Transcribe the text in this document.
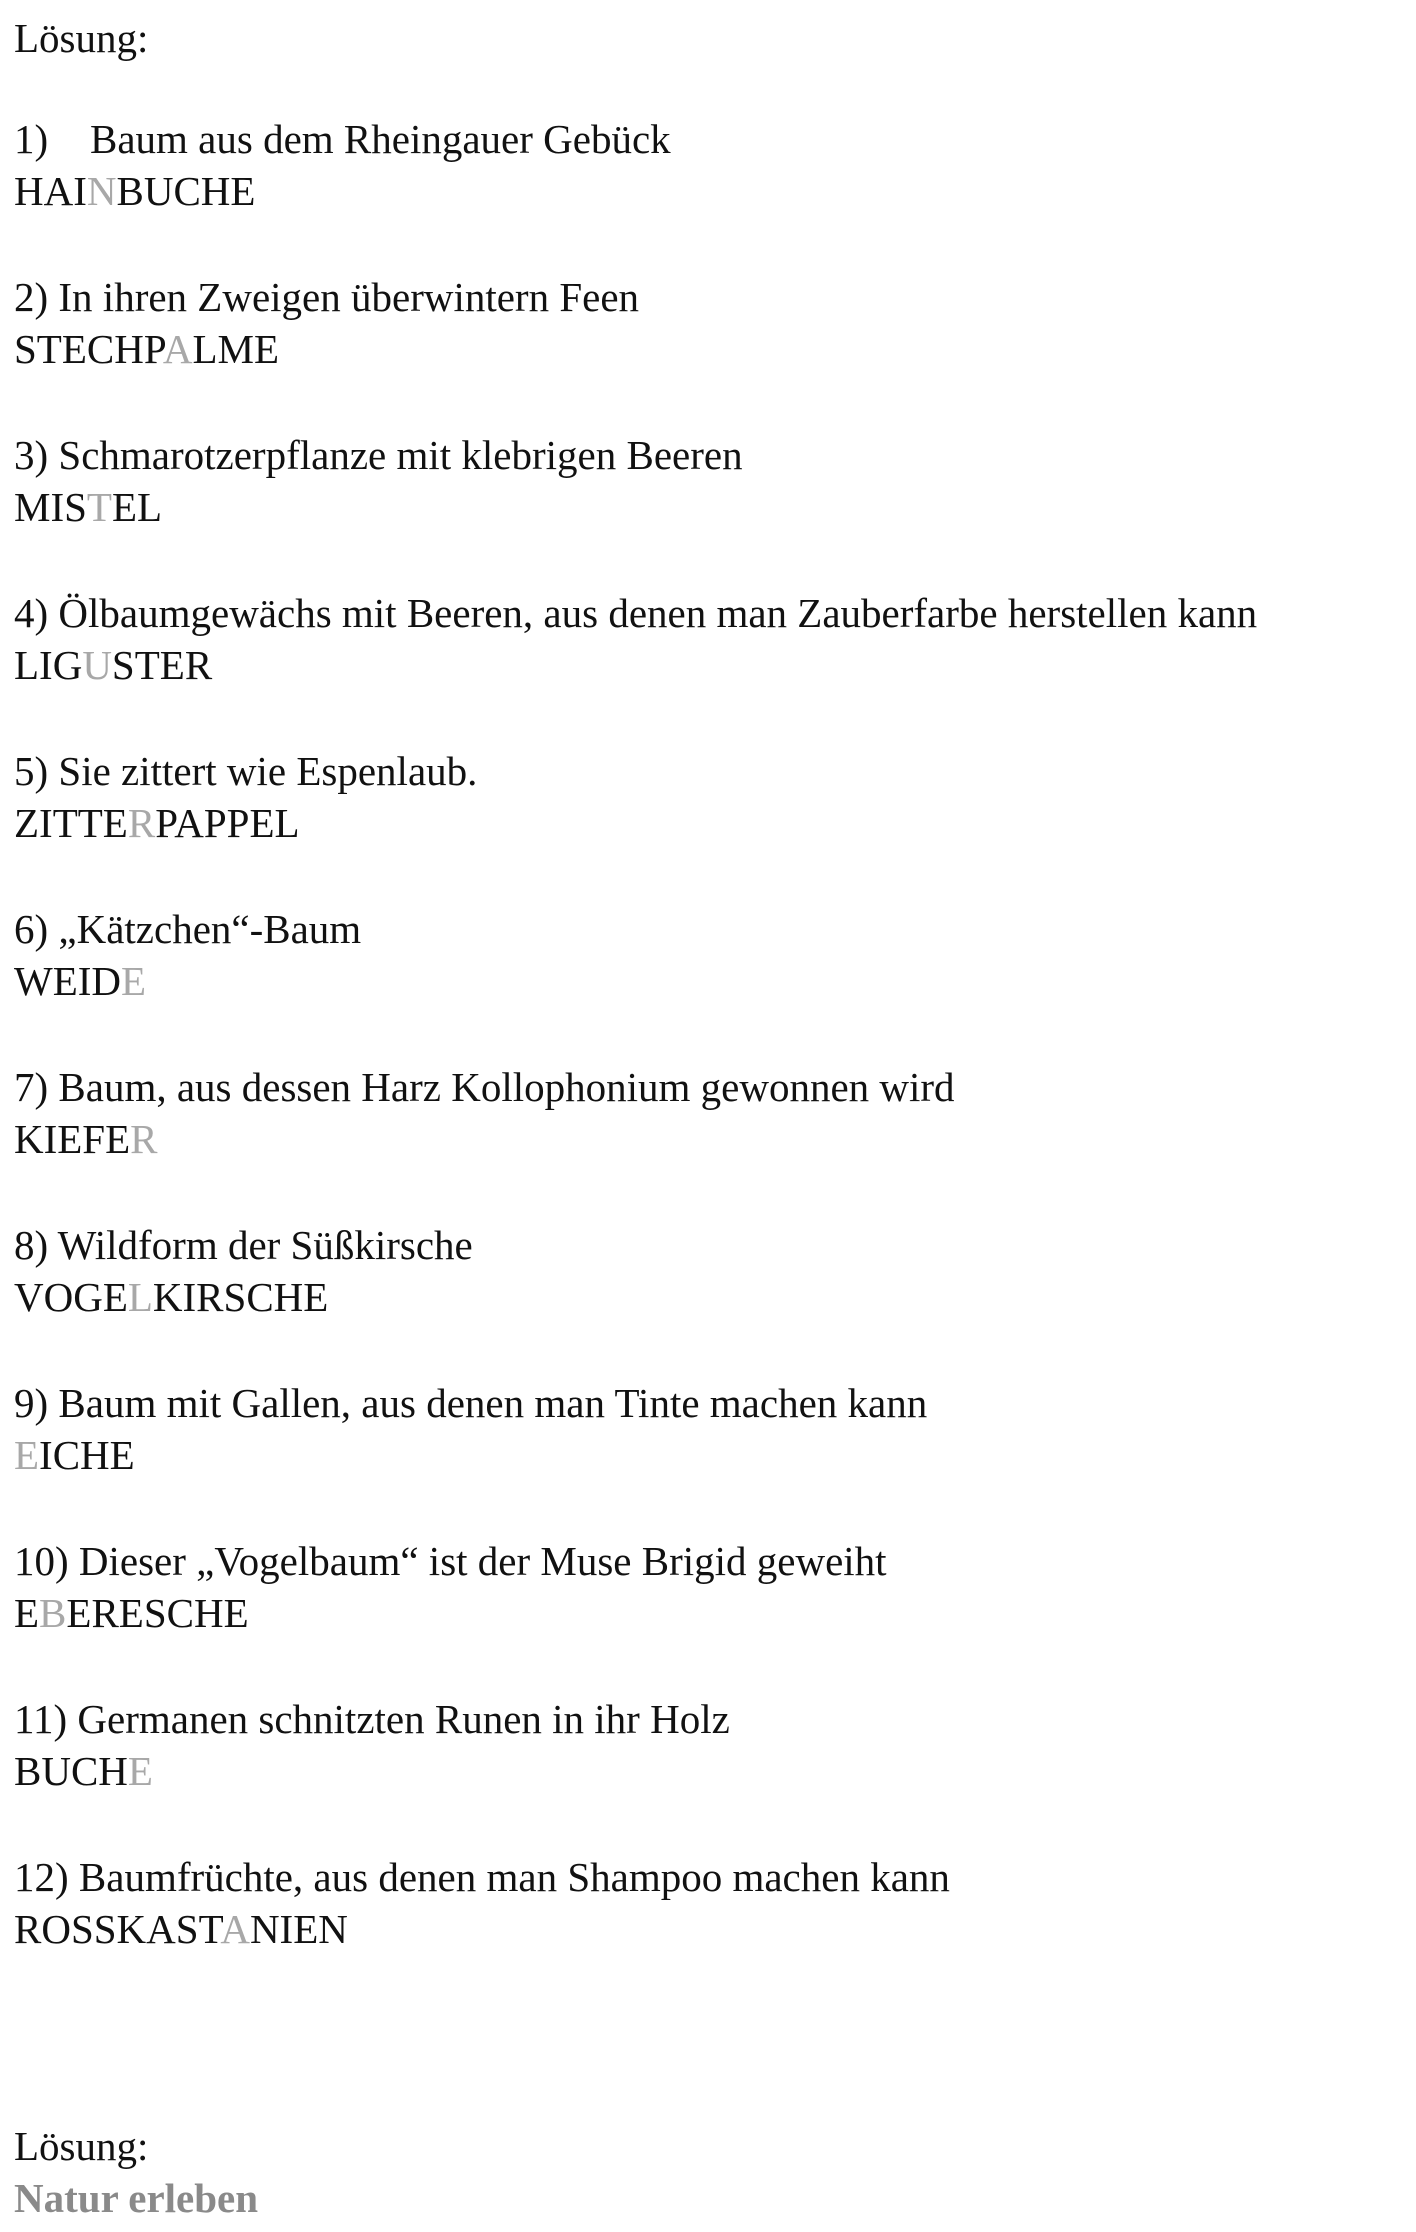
Lösung:
1) Baum aus dem Rheingauer Gebück
HAINBUCHE
2) In ihren Zweigen überwintern Feen
STECHPALME
3) Schmarotzerpflanze mit klebrigen Beeren
MISTEL
4) Ölbaumgewächs mit Beeren, aus denen man Zauberfarbe herstellen kann
LIGUSTER
5) Sie zittert wie Espenlaub.
ZITTERPAPPEL
6) „Kätzchen“-Baum
WEIDE
7) Baum, aus dessen Harz Kollophonium gewonnen wird
KIEFER
8) Wildform der Süßkirsche
VOGELKIRSCHE
9) Baum mit Gallen, aus denen man Tinte machen kann
EICHE
10) Dieser „Vogelbaum“ ist der Muse Brigid geweiht
EBERESCHE
11) Germanen schnitzten Runen in ihr Holz
BUCHE
12) Baumfrüchte, aus denen man Shampoo machen kann
ROSSKASTANIEN
Lösung:
Natur erleben
